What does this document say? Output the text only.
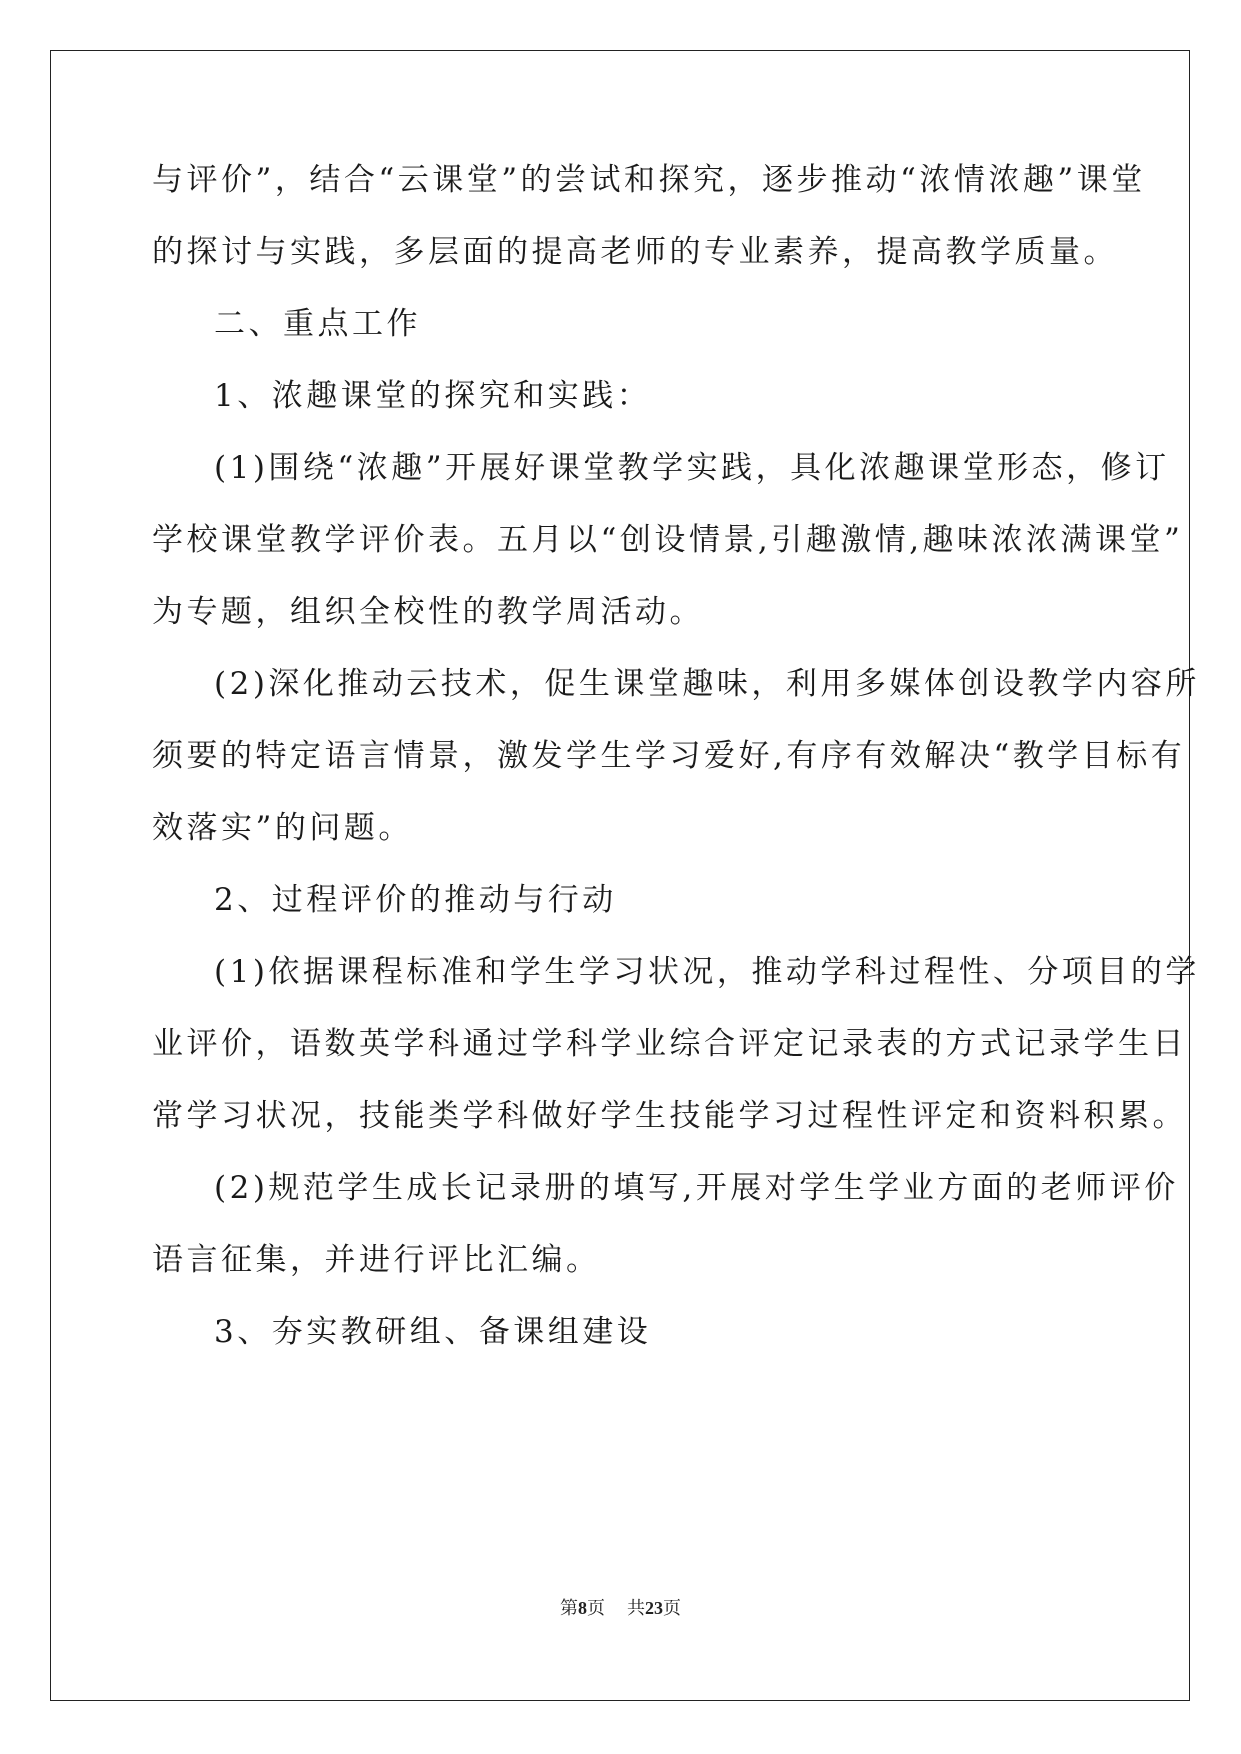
与评价”，结合“云课堂”的尝试和探究，逐步推动“浓情浓趣”课堂

的探讨与实践，多层面的提高老师的专业素养，提高教学质量。

二、重点工作

1、浓趣课堂的探究和实践：

(1)围绕“浓趣”开展好课堂教学实践，具化浓趣课堂形态，修订

学校课堂教学评价表。五月以“创设情景,引趣激情,趣味浓浓满课堂”

为专题，组织全校性的教学周活动。

(2)深化推动云技术，促生课堂趣味，利用多媒体创设教学内容所

须要的特定语言情景，激发学生学习爱好,有序有效解决“教学目标有

效落实”的问题。

2、过程评价的推动与行动

(1)依据课程标准和学生学习状况，推动学科过程性、分项目的学

业评价，语数英学科通过学科学业综合评定记录表的方式记录学生日

常学习状况，技能类学科做好学生技能学习过程性评定和资料积累。

(2)规范学生成长记录册的填写,开展对学生学业方面的老师评价

语言征集，并进行评比汇编。

3、夯实教研组、备课组建设

第8页 共23页
